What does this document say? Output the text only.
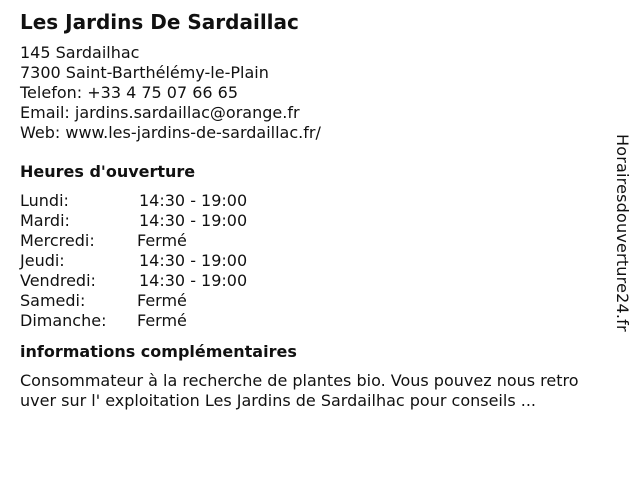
Les Jardins De Sardaillac
145 Sardailhac
7300 Saint-Barthélémy-le-Plain
Telefon: +33 4 75 07 66 65
Email: jardins.sardaillac@orange.fr
Web: www.les-jardins-de-sardaillac.fr/
Heures d'ouverture
Lundi:	14:30 - 19:00
Mardi:	14:30 - 19:00
Mercredi:	Fermé
Jeudi:	14:30 - 19:00
Vendredi:	14:30 - 19:00
Samedi:	Fermé
Dimanche:	Fermé
informations complémentaires
Consommateur à la recherche de plantes bio. Vous pouvez nous retro
uver sur l' exploitation Les Jardins de Sardailhac pour conseils ...
Horairesdouverture24.fr
